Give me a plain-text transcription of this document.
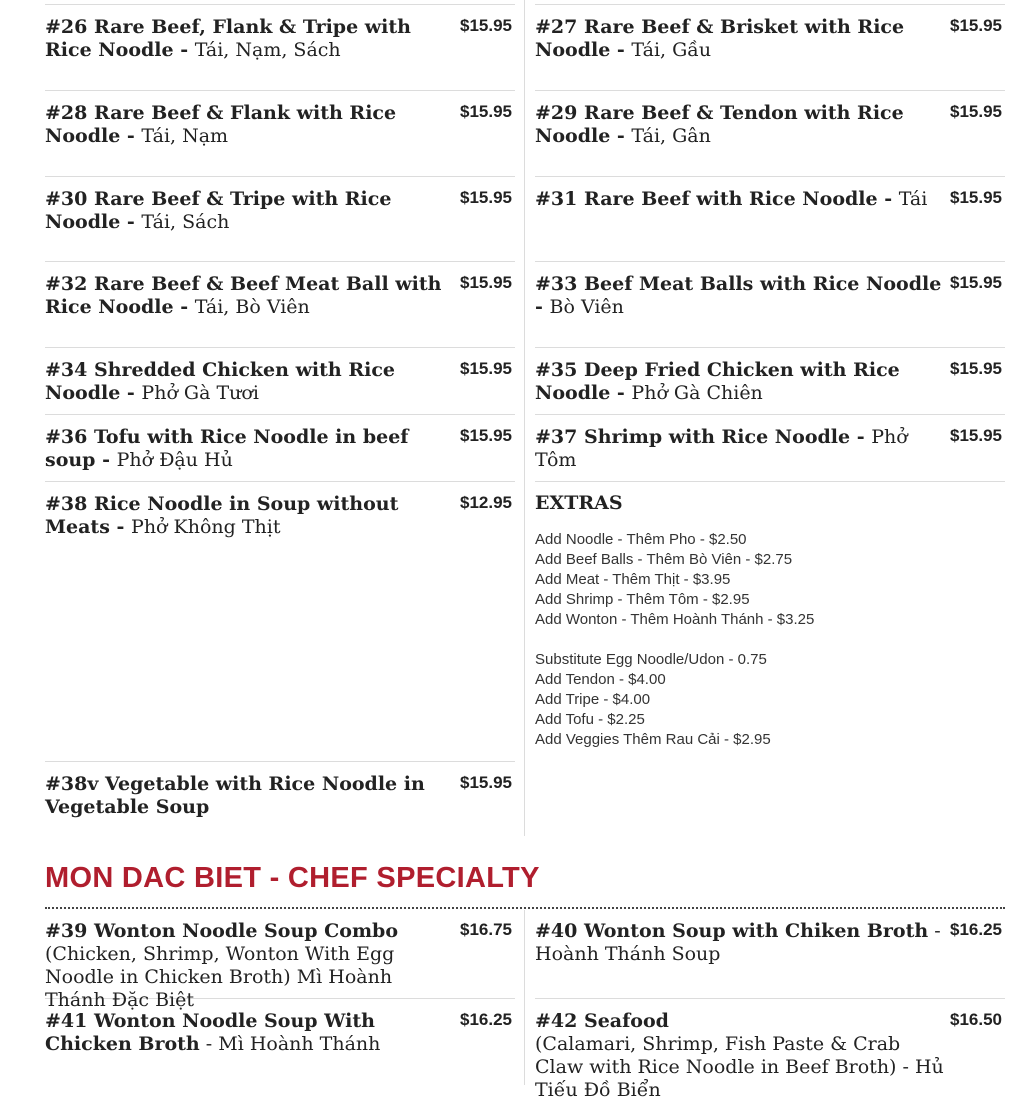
#26 Rare Beef, Flank & Tripe with Rice Noodle - Tái, Nạm, Sách
$15.95 #27 Rare Beef & Brisket with Rice Noodle - Tái, Gầu
$15.95
#28 Rare Beef & Flank with Rice Noodle - Tái, Nạm
$15.95 #29 Rare Beef & Tendon with Rice Noodle - Tái, Gân
$15.95
#30 Rare Beef & Tripe with Rice Noodle - Tái, Sách
$15.95 #31 Rare Beef with Rice Noodle - Tái	$15.95
#32 Rare Beef & Beef Meat Ball with Rice Noodle - Tái, Bò Viên
$15.95 #33 Beef Meat Balls with Rice Noodle - Bò Viên
$15.95
#34 Shredded Chicken with Rice Noodle - Phở Gà Tươi
$15.95 #35 Deep Fried Chicken with Rice Noodle - Phở Gà Chiên
$15.95
#36 Tofu with Rice Noodle in beef soup - Phở Đậu Hủ
$15.95 #37 Shrimp with Rice Noodle - Phở Tôm
$15.95
#38 Rice Noodle in Soup without Meats - Phở Không Thịt
$12.95
#38v Vegetable with Rice Noodle in Vegetable Soup
$15.95
EXTRAS
Add Noodle - Thêm Pho - $2.50
Add Beef Balls - Thêm Bò Viên - $2.75
Add Meat - Thêm Thịt - $3.95
Add Shrimp - Thêm Tôm - $2.95
Add Wonton - Thêm Hoành Thánh - $3.25
Substitute Egg Noodle/Udon - 0.75
Add Tendon - $4.00
Add Tripe - $4.00
Add Tofu - $2.25
Add Veggies Thêm Rau Cải - $2.95
MON DAC BIET - CHEF SPECIALTY
#39 Wonton Noodle Soup Combo
(Chicken, Shrimp, Wonton With Egg Noodle in Chicken Broth) Mì Hoành Thánh Đặc Biệt
$16.75 #40 Wonton Soup with Chiken Broth - Hoành Thánh Soup
$16.25
#41 Wonton Noodle Soup With Chicken Broth - Mì Hoành Thánh
$16.25 #42 Seafood
(Calamari, Shrimp, Fish Paste & Crab Claw with Rice Noodle in Beef Broth) - Hủ Tiếu Đồ Biển
$16.50
